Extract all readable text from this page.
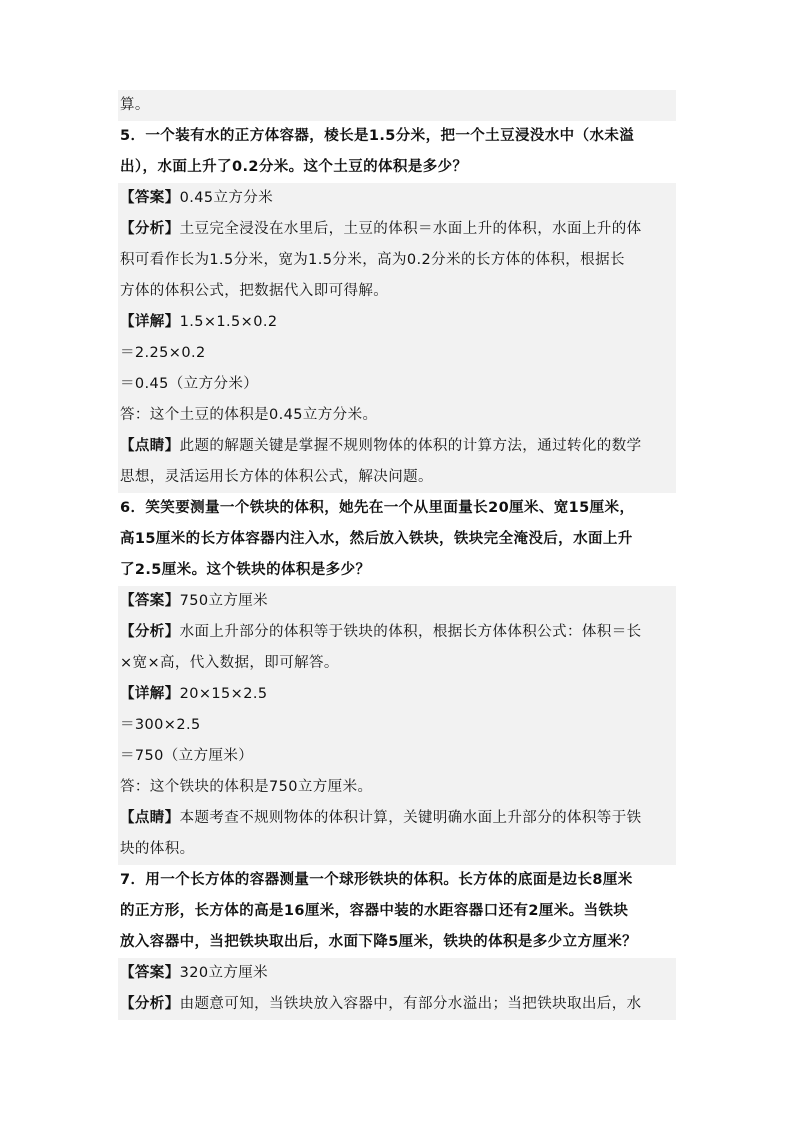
算。
5．一个装有水的正方体容器，棱长是1.5分米，把一个土豆浸没水中（水未溢
出），水面上升了0.2分米。这个土豆的体积是多少？
【答案】0.45立方分米
【分析】土豆完全浸没在水里后，土豆的体积＝水面上升的体积，水面上升的体
积可看作长为1.5分米，宽为1.5分米，高为0.2分米的长方体的体积，根据长
方体的体积公式，把数据代入即可得解。
【详解】1.5×1.5×0.2
＝2.25×0.2
＝0.45（立方分米）
答：这个土豆的体积是0.45立方分米。
【点睛】此题的解题关键是掌握不规则物体的体积的计算方法，通过转化的数学
思想，灵活运用长方体的体积公式，解决问题。
6．笑笑要测量一个铁块的体积，她先在一个从里面量长20厘米、宽15厘米，
高15厘米的长方体容器内注入水，然后放入铁块，铁块完全淹没后，水面上升
了2.5厘米。这个铁块的体积是多少？
【答案】750立方厘米
【分析】水面上升部分的体积等于铁块的体积，根据长方体体积公式：体积＝长
×宽×高，代入数据，即可解答。
【详解】20×15×2.5
＝300×2.5
＝750（立方厘米）
答：这个铁块的体积是750立方厘米。
【点睛】本题考查不规则物体的体积计算，关键明确水面上升部分的体积等于铁
块的体积。
7．用一个长方体的容器测量一个球形铁块的体积。长方体的底面是边长8厘米
的正方形，长方体的高是16厘米，容器中装的水距容器口还有2厘米。当铁块
放入容器中，当把铁块取出后，水面下降5厘米，铁块的体积是多少立方厘米？
【答案】320立方厘米
【分析】由题意可知，当铁块放入容器中，有部分水溢出；当把铁块取出后，水
